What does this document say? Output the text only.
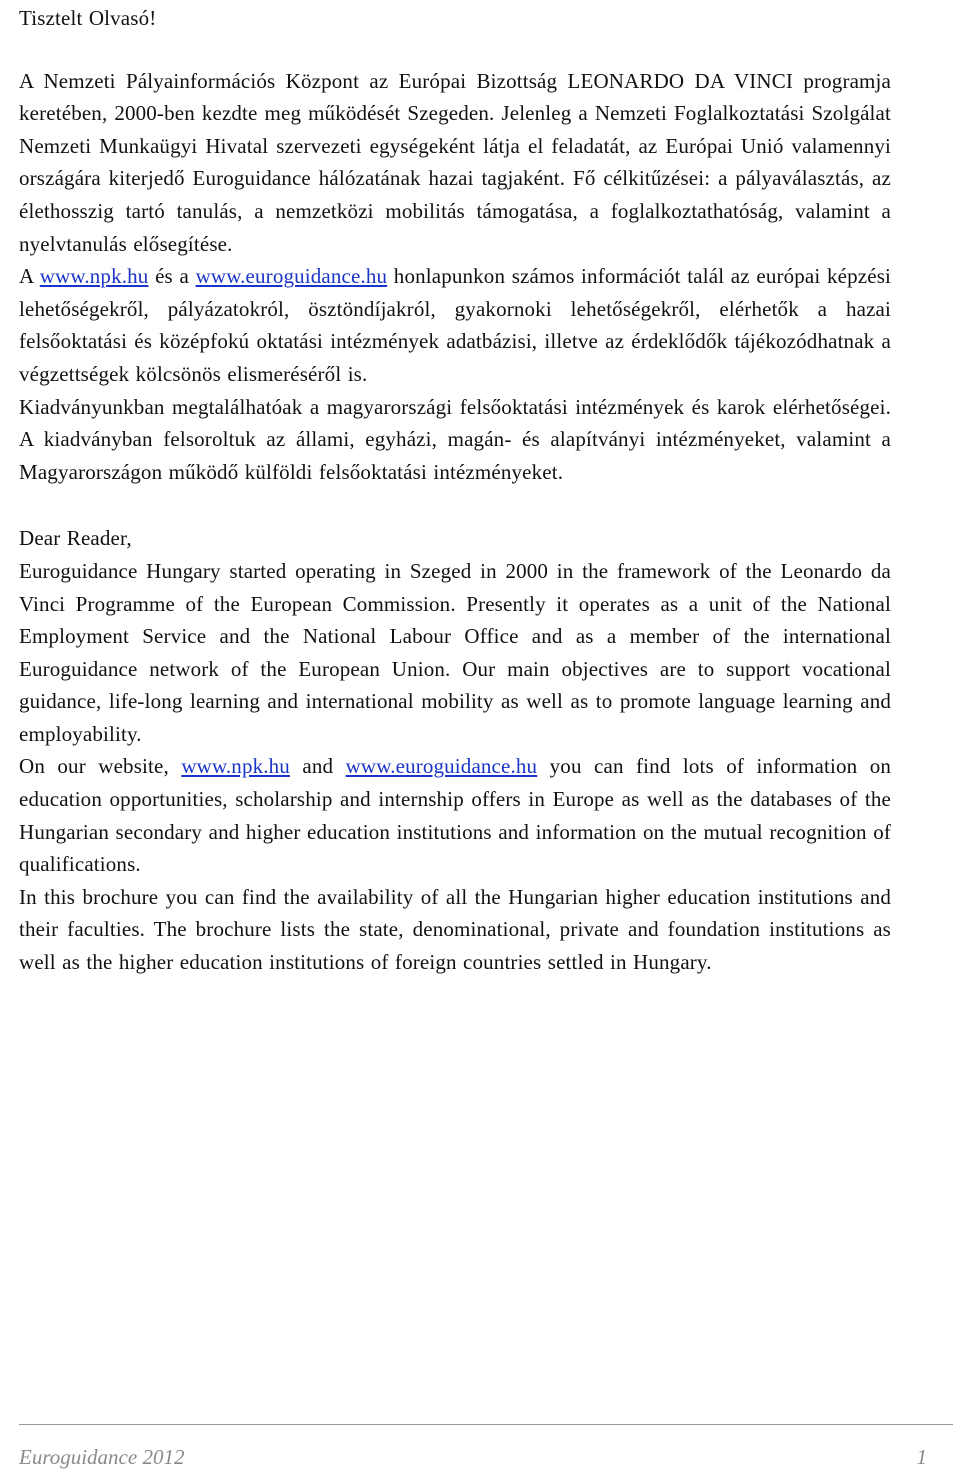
Tisztelt Olvasó!

A Nemzeti Pályainformációs Központ az Európai Bizottság LEONARDO DA VINCI programja keretében, 2000-ben kezdte meg működését Szegeden. Jelenleg a Nemzeti Foglalkoztatási Szolgálat Nemzeti Munkaügyi Hivatal szervezeti egységeként látja el feladatát, az Európai Unió valamennyi országára kiterjedő Euroguidance hálózatának hazai tagjaként. Fő célkitűzései: a pályaválasztás, az élethosszig tartó tanulás, a nemzetközi mobilitás támogatása, a foglalkoztathatóság, valamint a nyelvtanulás elősegítése.

A www.npk.hu és a www.euroguidance.hu honlapunkon számos információt talál az európai képzési lehetőségekről, pályázatokról, ösztöndíjakról, gyakornoki lehetőségekről, elérhetők a hazai felsőoktatási és középfokú oktatási intézmények adatbázisi, illetve az érdeklődők tájékozódhatnak a végzettségek kölcsönös elismeréséről is.

Kiadványunkban megtalálhatóak a magyarországi felsőoktatási intézmények és karok elérhetőségei. A kiadványban felsoroltuk az állami, egyházi, magán- és alapítványi intézményeket, valamint a Magyarországon működő külföldi felsőoktatási intézményeket.

Dear Reader,

Euroguidance Hungary started operating in Szeged in 2000 in the framework of the Leonardo da Vinci Programme of the European Commission. Presently it operates as a unit of the National Employment Service and the National Labour Office and as a member of the international Euroguidance network of the European Union. Our main objectives are to support vocational guidance, life-long learning and international mobility as well as to promote language learning and employability.

On our website, www.npk.hu and www.euroguidance.hu you can find lots of information on education opportunities, scholarship and internship offers in Europe as well as the databases of the Hungarian secondary and higher education institutions and information on the mutual recognition of qualifications.

In this brochure you can find the availability of all the Hungarian higher education institutions and their faculties. The brochure lists the state, denominational, private and foundation institutions as well as the higher education institutions of foreign countries settled in Hungary.

Euroguidance 2012	1
